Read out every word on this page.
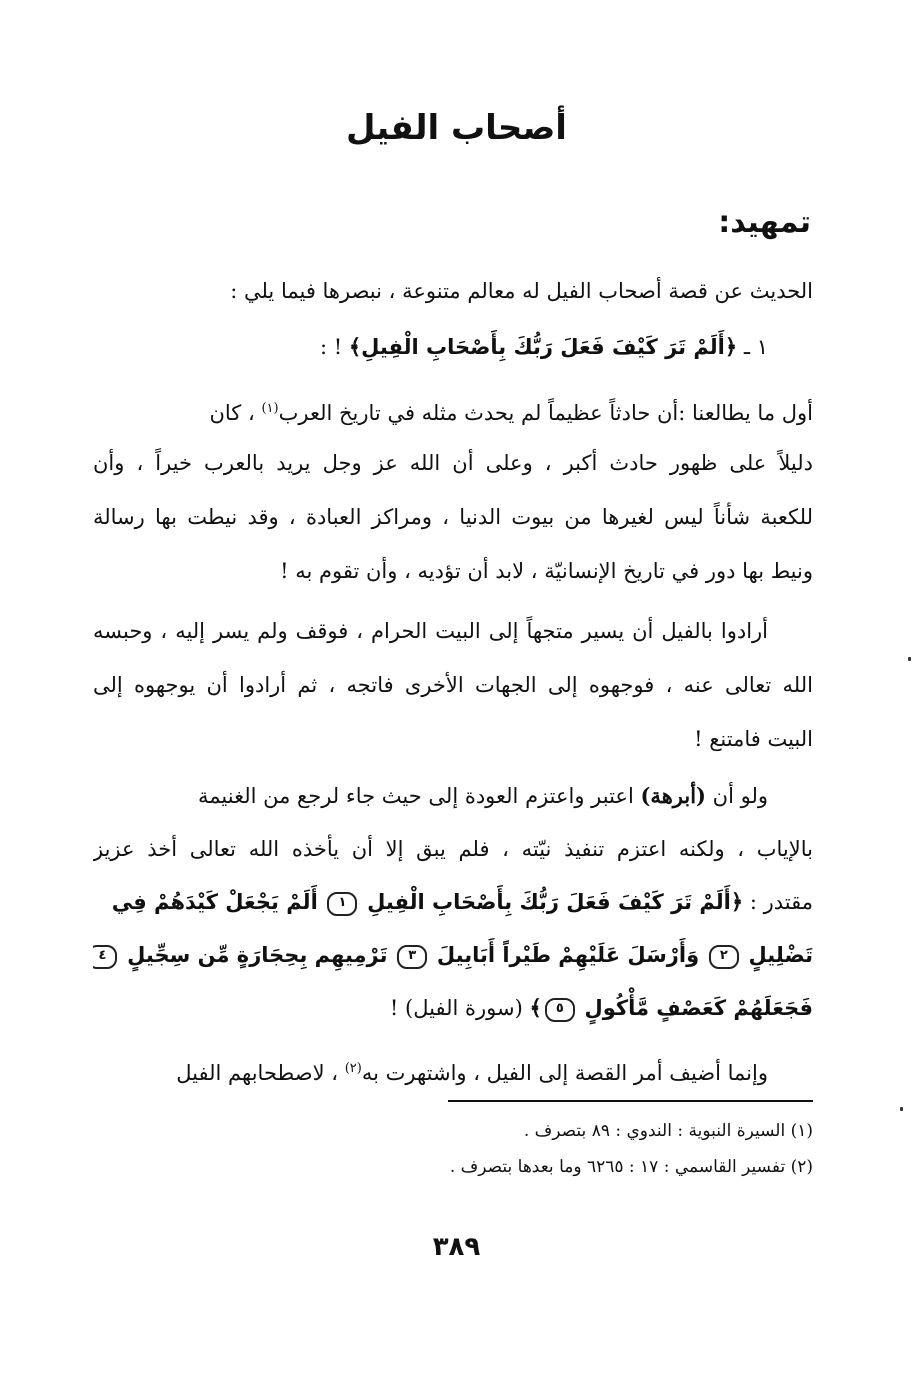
أصحاب الفيل
تمهيد:
الحديث عن قصة أصحاب الفيل له معالم متنوعة ، نبصرها فيما يلي :
١ ـ ﴿أَلَمْ تَرَ كَيْفَ فَعَلَ رَبُّكَ بِأَصْحَابِ الْفِيلِ﴾ ! :
أول ما يطالعنا :أن حادثاً عظيماً لم يحدث مثله في تاريخ العرب$^{(١)}$ ، كان
دليلاً على ظهور حادث أكبر ، وعلى أن الله عز وجل يريد بالعرب خيراً ، وأن
للكعبة شأناً ليس لغيرها من بيوت الدنيا ، ومراكز العبادة ، وقد نيطت بها رسالة
ونيط بها دور في تاريخ الإنسانيّة ، لابد أن تؤديه ، وأن تقوم به !
أرادوا بالفيل أن يسير متجهاً إلى البيت الحرام ، فوقف ولم يسر إليه ، وحبسه
الله تعالى عنه ، فوجهوه إلى الجهات الأخرى فاتجه ، ثم أرادوا أن يوجهوه إلى
البيت فامتنع !
ولو أن (أبرهة) اعتبر واعتزم العودة إلى حيث جاء لرجع من الغنيمة
بالإياب ، ولكنه اعتزم تنفيذ نيّته ، فلم يبق إلا أن يأخذه الله تعالى أخذ عزيز
مقتدر : ﴿أَلَمْ تَرَ كَيْفَ فَعَلَ رَبُّكَ بِأَصْحَابِ الْفِيلِ ١ أَلَمْ يَجْعَلْ كَيْدَهُمْ فِي
تَضْلِيلٍ ٢ وَأَرْسَلَ عَلَيْهِمْ طَيْراً أَبَابِيلَ ٣ تَرْمِيهِم بِحِجَارَةٍ مِّن سِجِّيلٍ ٤
فَجَعَلَهُمْ كَعَصْفٍ مَّأْكُولٍ ٥﴾ (سورة الفيل) !
وإنما أضيف أمر القصة إلى الفيل ، واشتهرت به$^{(٢)}$ ، لاصطحابهم الفيل
(١) السيرة النبوية : الندوي : ٨٩ بتصرف .
(٢) تفسير القاسمي : ١٧ : ٦٢٦٥ وما بعدها بتصرف .
٣٨٩
